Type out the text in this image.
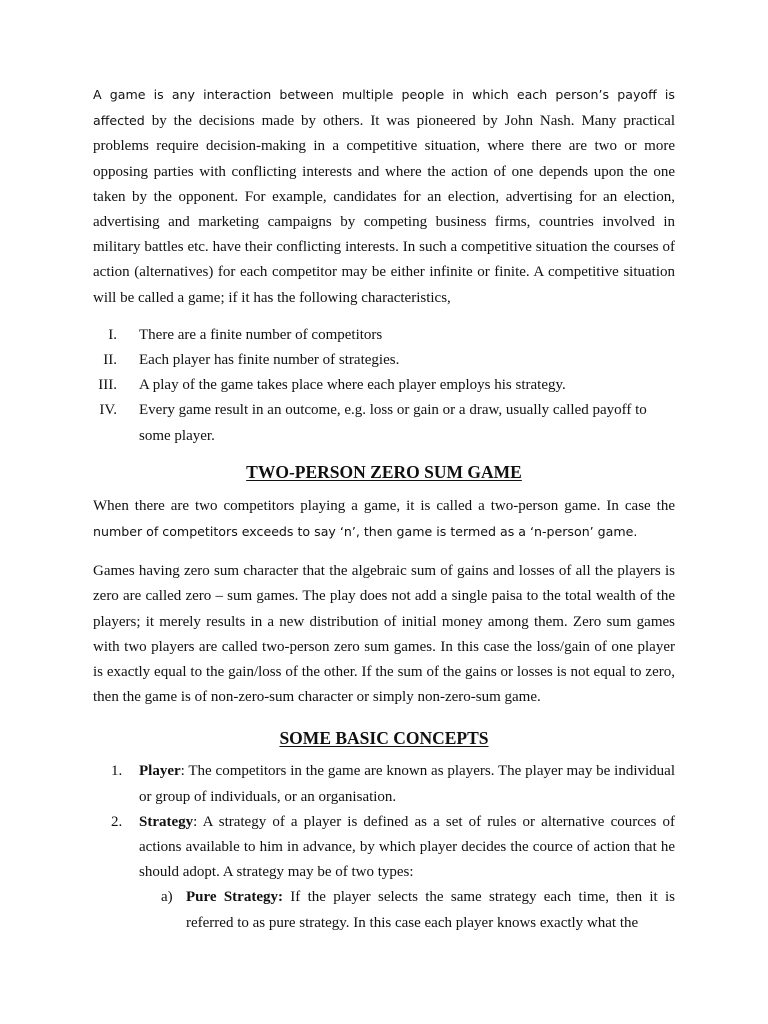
A game is any interaction between multiple people in which each person’s payoff is affected by the decisions made by others. It was pioneered by John Nash. Many practical problems require decision-making in a competitive situation, where there are two or more opposing parties with conflicting interests and where the action of one depends upon the one taken by the opponent. For example, candidates for an election, advertising for an election, advertising and marketing campaigns by competing business firms, countries involved in military battles etc. have their conflicting interests. In such a competitive situation the courses of action (alternatives) for each competitor may be either infinite or finite. A competitive situation will be called a game; if it has the following characteristics,

I. There are a finite number of competitors
II. Each player has finite number of strategies.
III. A play of the game takes place where each player employs his strategy.
IV. Every game result in an outcome, e.g. loss or gain or a draw, usually called payoff to some player.
TWO-PERSON ZERO SUM GAME

When there are two competitors playing a game, it is called a two-person game. In case the number of competitors exceeds to say ‘n’, then game is termed as a ‘n-person’ game.

Games having zero sum character that the algebraic sum of gains and losses of all the players is zero are called zero – sum games. The play does not add a single paisa to the total wealth of the players; it merely results in a new distribution of initial money among them. Zero sum games with two players are called two-person zero sum games. In this case the loss/gain of one player is exactly equal to the gain/loss of the other. If the sum of the gains or losses is not equal to zero, then the game is of non-zero-sum character or simply non-zero-sum game.

SOME BASIC CONCEPTS
1. Player: The competitors in the game are known as players. The player may be individual or group of individuals, or an organisation.
2. Strategy: A strategy of a player is defined as a set of rules or alternative cources of actions available to him in advance, by which player decides the cource of action that he should adopt. A strategy may be of two types:
a) Pure Strategy: If the player selects the same strategy each time, then it is referred to as pure strategy. In this case each player knows exactly what the
